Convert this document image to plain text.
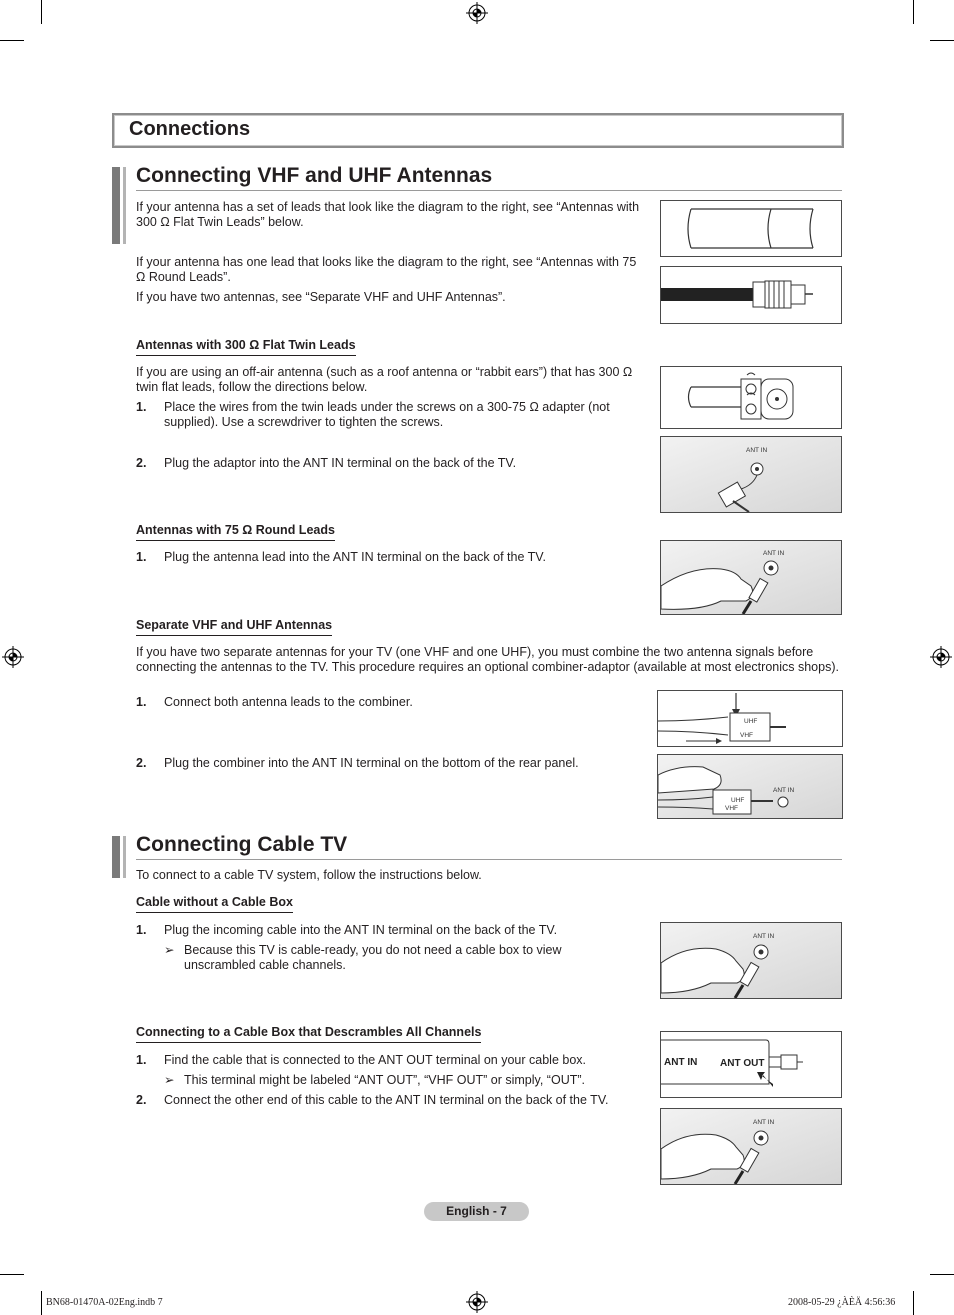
Connections
Connecting VHF and UHF Antennas
If your antenna has a set of leads that look like the diagram to the right, see “Antennas with 300 Ω Flat Twin Leads” below.
If your antenna has one lead that looks like the diagram to the right, see “Antennas with 75 Ω Round Leads”.
If you have two antennas, see “Separate VHF and UHF Antennas”.
Antennas with 300 Ω Flat Twin Leads
If you are using an off-air antenna (such as a roof antenna or “rabbit ears”) that has 300 Ω twin flat leads, follow the directions below.
1. Place the wires from the twin leads under the screws on a 300-75 Ω adapter (not supplied). Use a screwdriver to tighten the screws.
2. Plug the adaptor into the ANT IN terminal on the back of the TV.
ANT IN
Antennas with 75 Ω Round Leads
1. Plug the antenna lead into the ANT IN terminal on the back of the TV.	ANT IN
Separate VHF and UHF Antennas
If you have two separate antennas for your TV (one VHF and one UHF), you must combine the two antenna signals before connecting the antennas to the TV. This procedure requires an optional combiner-adaptor (available at most electronics shops).
1. Connect both antenna leads to the combiner.
2. Plug the combiner into the ANT IN terminal on the bottom of the rear panel.
UHF
VHF
UHF
VHF
ANT IN
Connecting Cable TV
To connect to a cable TV system, follow the instructions below.
Cable without a Cable Box
1. Plug the incoming cable into the ANT IN terminal on the back of the TV.
➢ Because this TV is cable-ready, you do not need a cable box to view unscrambled cable channels.
ANT IN
Connecting to a Cable Box that Descrambles All Channels
1. Find the cable that is connected to the ANT OUT terminal on your cable box.
➢ This terminal might be labeled “ANT OUT”, “VHF OUT” or simply, “OUT”.
2. Connect the other end of this cable to the ANT IN terminal on the back of the TV.
ANT IN ANT OUT
ANT IN
English - 7
BN68-01470A-02Eng.indb 7	2008-05-29 ¿ÀÈÄ 4:56:36
